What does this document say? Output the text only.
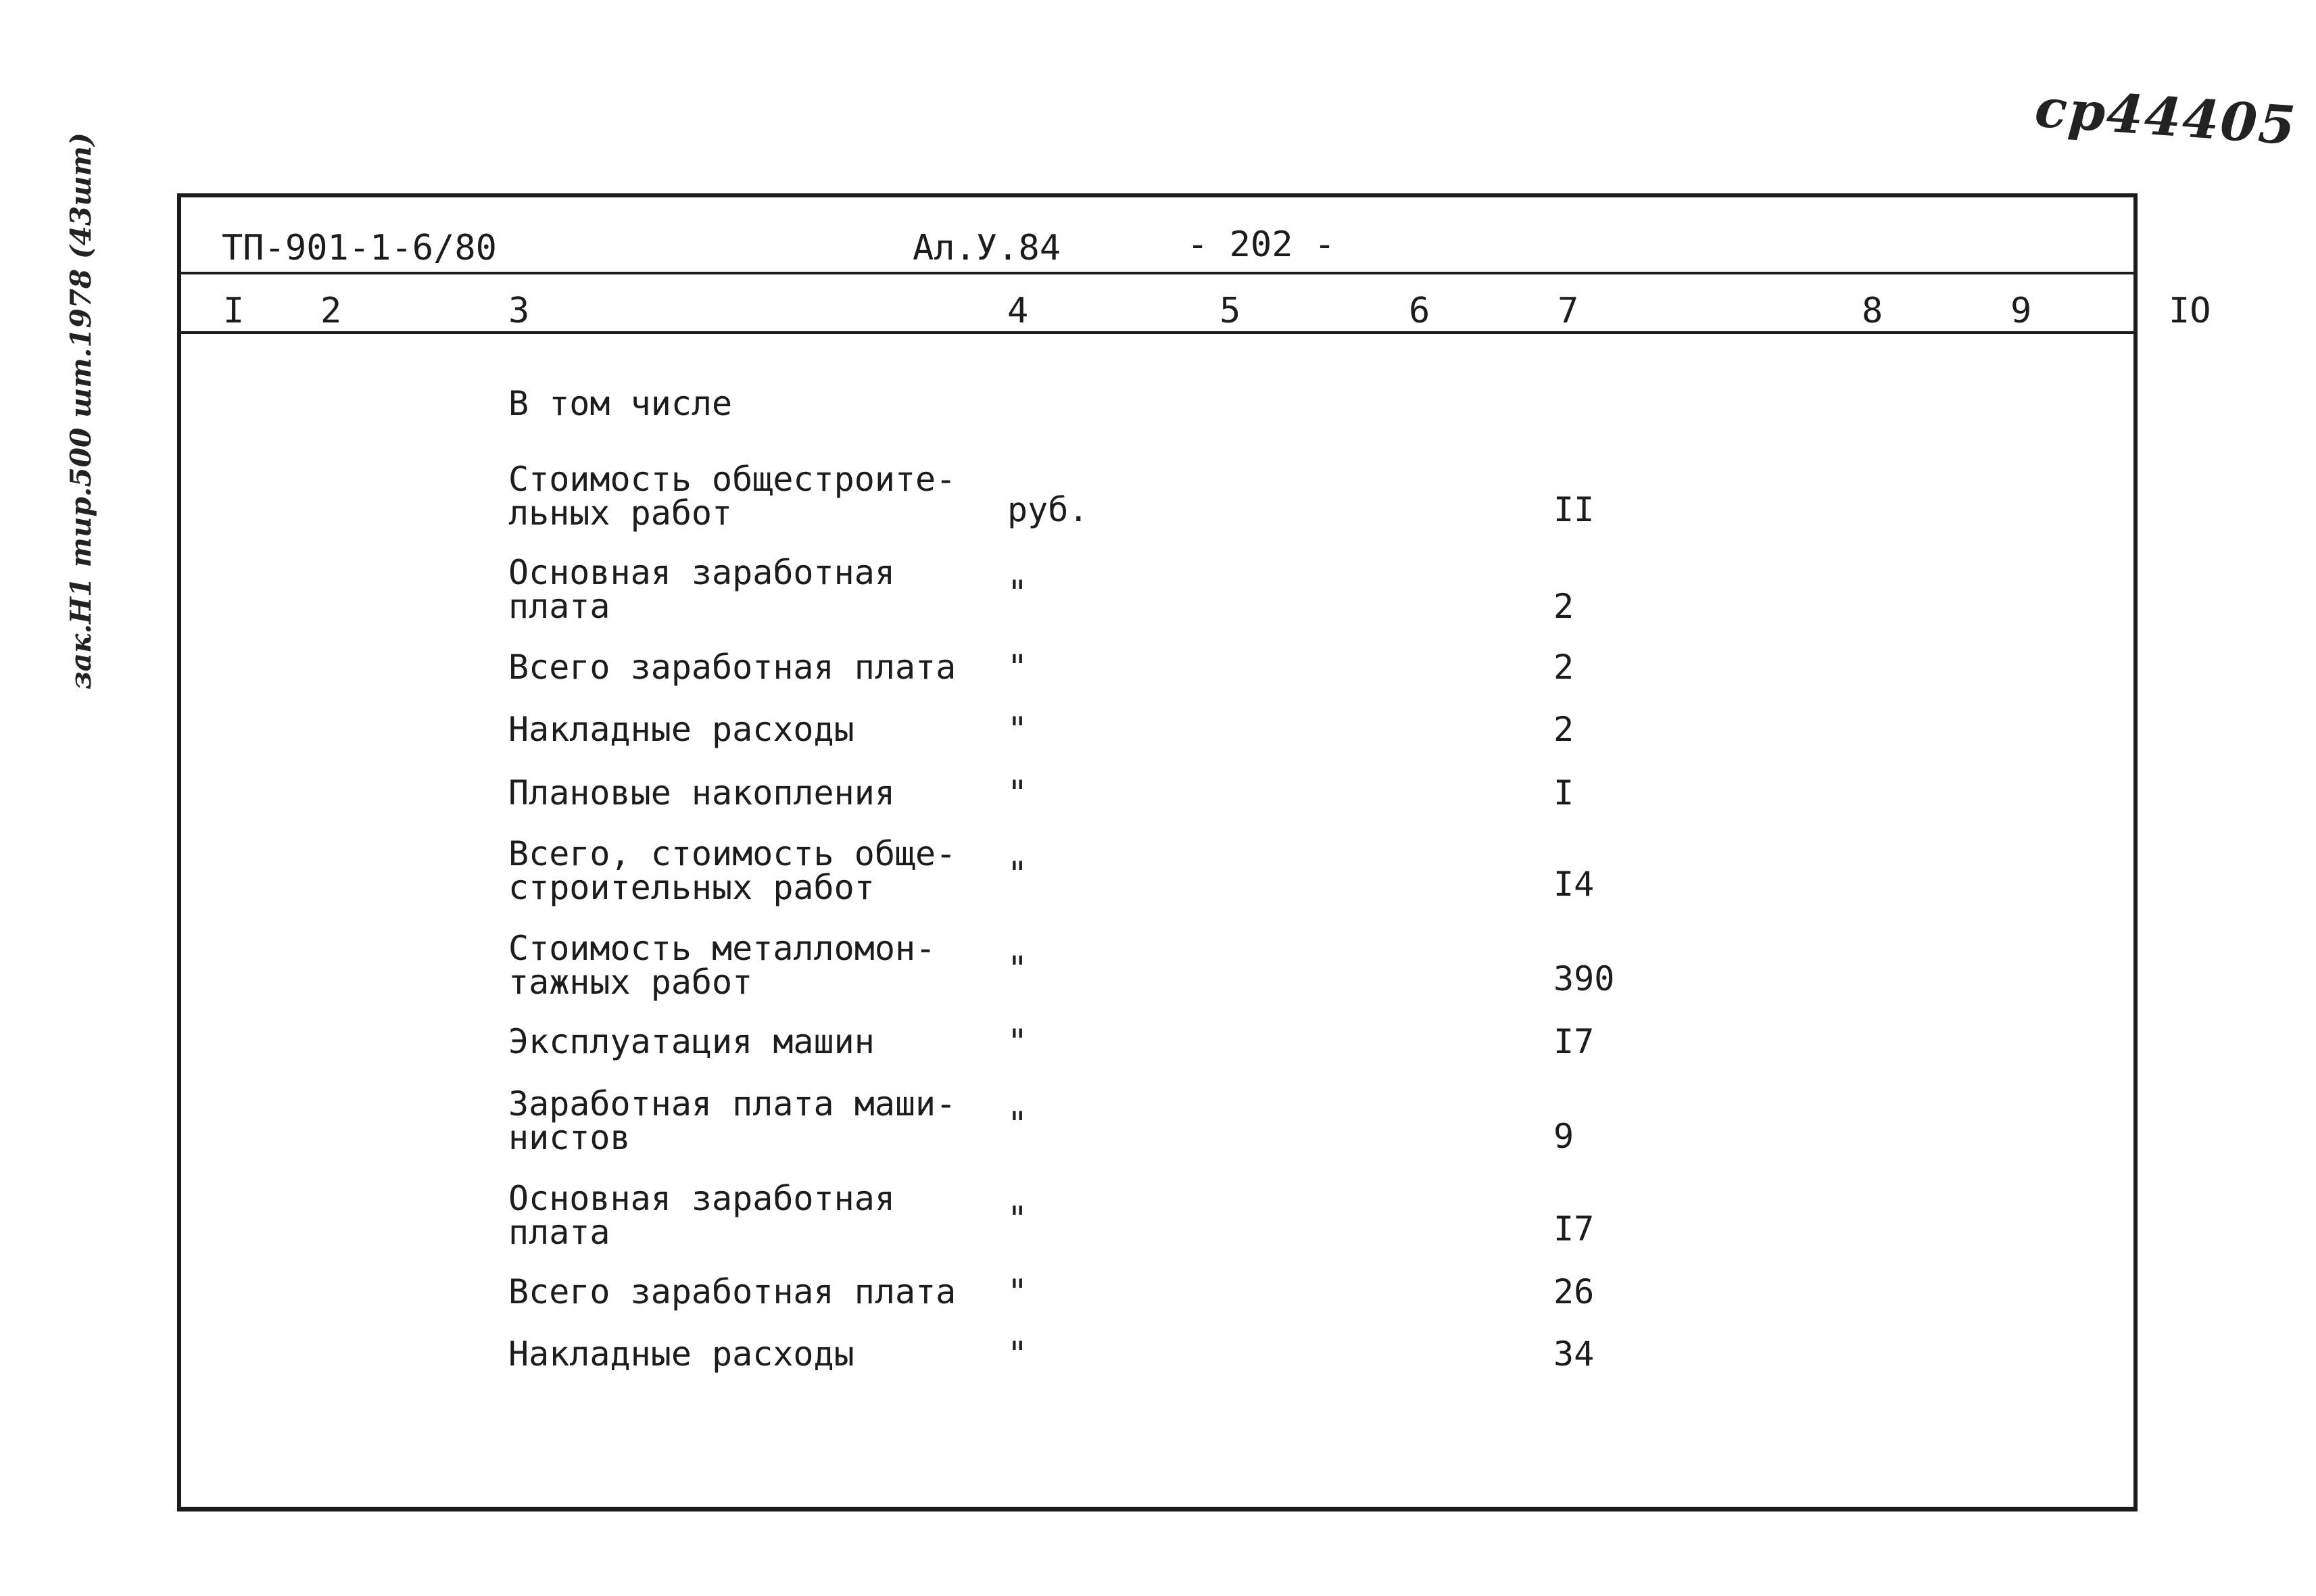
ср44405
зак.Н1 тир.500 шт.1978 (43шт)	ТП-901-1-6/80	Ал.У.84	- 202 -
I 2	3	4	5	6	7	8	9	IO
В том числе
Стоимость общестроите-
льных работ	руб.	II
Основная заработная
плата	"	2
Всего заработная плата "	2
Накладные расходы	"	2
Плановые накопления	"	I
Всего, стоимость обще-
строительных работ	"	I4
Стоимость металломон-
тажных работ	"	390
Эксплуатация машин	"	I7
Заработная плата маши-
нистов	"	9
Основная заработная
плата	"	I7
Всего заработная плата "	26
Накладные расходы	"	34
